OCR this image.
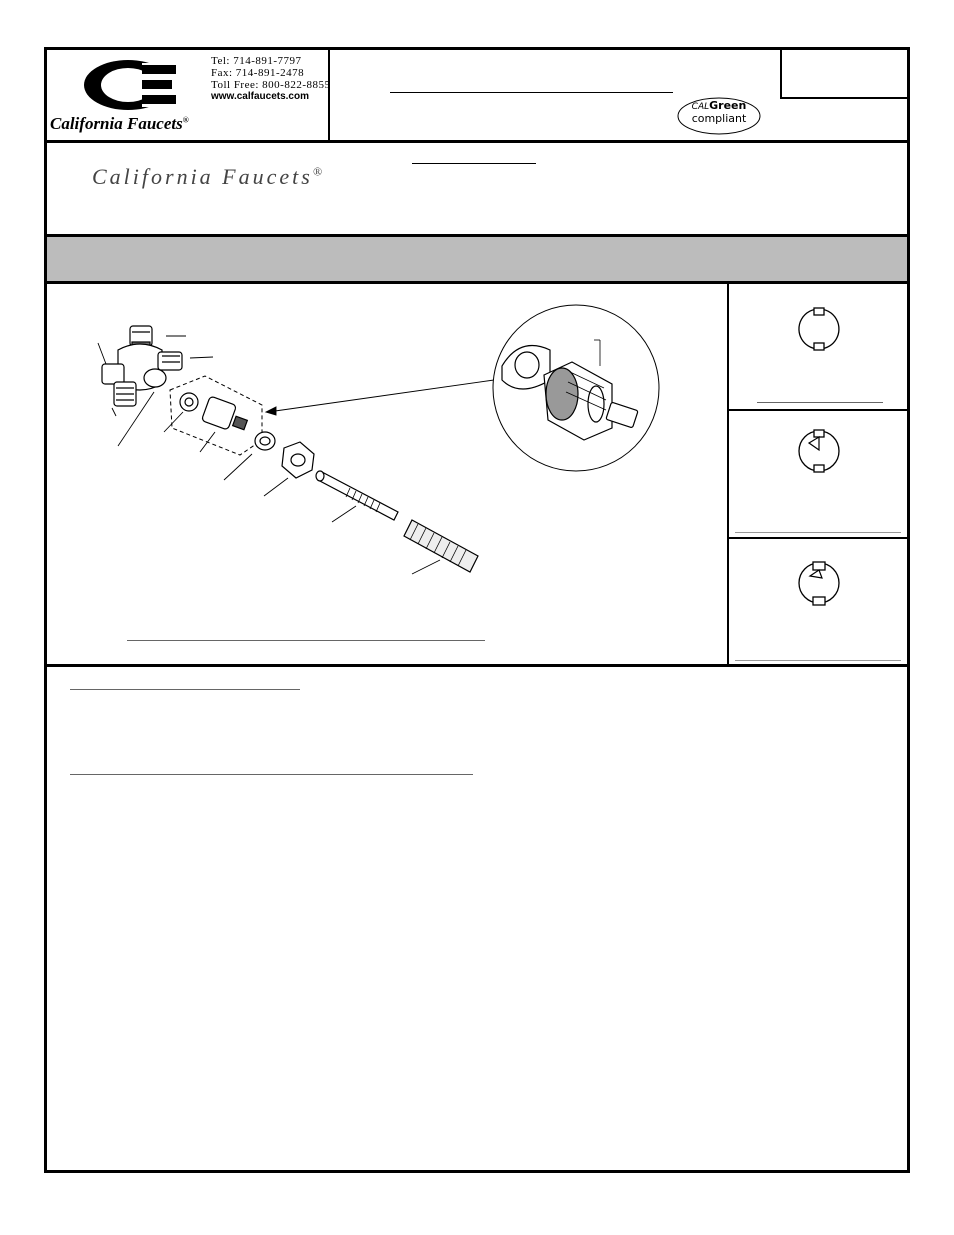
Tel: 714-891-7797
Fax: 714-891-2478
Toll Free: 800-822-8855
www.calfaucets.com
California Faucets®
CALGreen
compliant
California Faucets®
